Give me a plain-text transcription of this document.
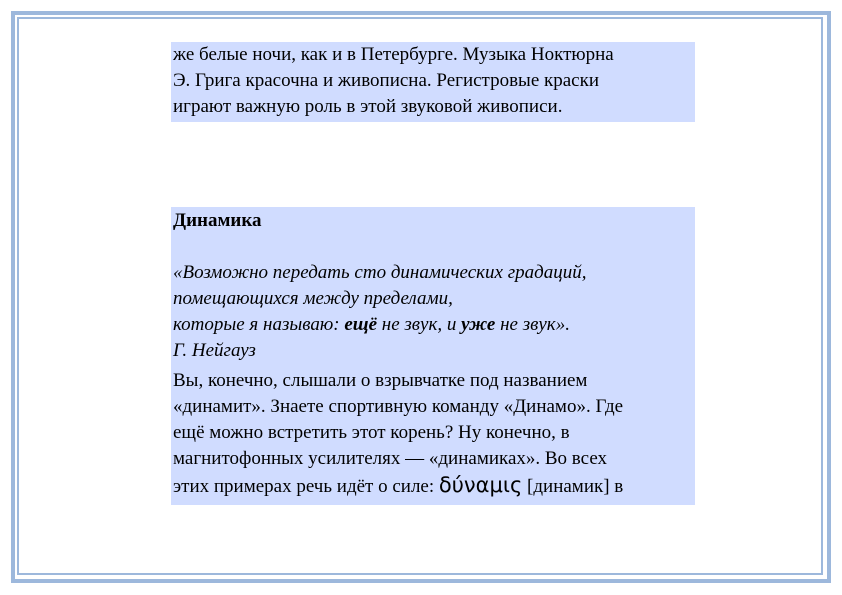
же белые ночи, как и в Петербурге. Музыка Ноктюрна
Э. Грига красочна и живописна. Регистровые краски
играют важную роль в этой звуковой живописи.
Динамика
«Возможно передать сто динамических градаций,
помещающихся между пределами,
которые я называю: ещё не звук, и уже не звук».
Г. Нейгауз
Вы, конечно, слышали о взрывчатке под названием
«динамит». Знаете спортивную команду «Динамо». Где
ещё можно встретить этот корень? Ну конечно, в
магнитофонных усилителях — «динамиках». Во всех
этих примерах речь идёт о силе: δύναμις [динамик] в
